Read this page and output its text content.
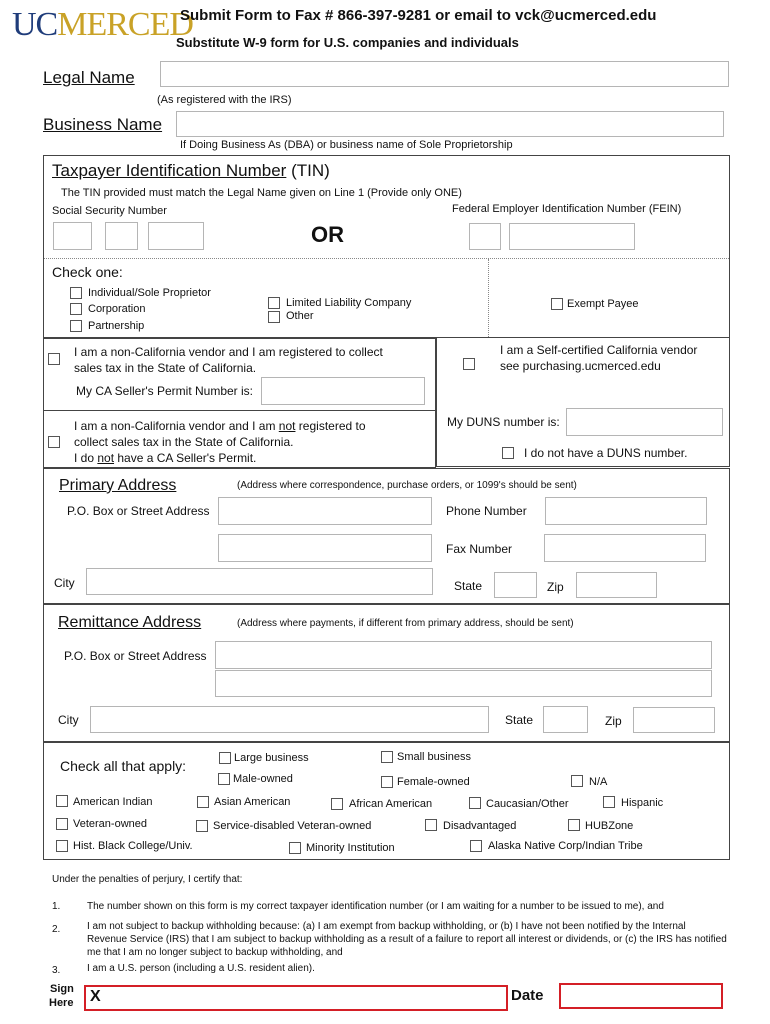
UCMERCED
Submit Form to Fax # 866-397-9281 or email to vck@ucmerced.edu
Substitute W-9 form for U.S. companies and individuals
Legal Name
(As registered with the IRS)
Business Name
If Doing Business As (DBA) or business name of Sole Proprietorship
Taxpayer Identification Number (TIN)
The TIN provided must match the Legal Name given on Line 1 (Provide only ONE)
Social Security Number	Federal Employer Identification Number (FEIN)
OR
Check one:
Individual/Sole Proprietor
Corporation
Partnership
Limited Liability Company
Other
Exempt Payee
I am a non-California vendor and I am registered to collect
sales tax in the State of California.
My CA Seller's Permit Number is:
I am a Self-certified California vendor
see purchasing.ucmerced.edu
I am a non-California vendor and I am not registered to
collect sales tax in the State of California.
I do not have a CA Seller's Permit.
My DUNS number is:
I do not have a DUNS number.
Primary Address	(Address where correspondence, purchase orders, or 1099's should be sent)
P.O. Box or Street Address	Phone Number
Fax Number
City	State	Zip
Remittance Address	(Address where payments, if different from primary address, should be sent)
P.O. Box or Street Address
City	State	Zip
Check all that apply:	Large business	Small business
Male-owned	Female-owned	N/A
American Indian	Asian American	African American	Caucasian/Other	Hispanic
Veteran-owned	Service-disabled Veteran-owned	Disadvantaged	HUBZone
Hist. Black College/Univ.	Minority Institution	Alaska Native Corp/Indian Tribe
Under the penalties of perjury, I certify that:
1.	The number shown on this form is my correct taxpayer identification number (or I am waiting for a number to be issued to me), and
2.	I am not subject to backup withholding because: (a) I am exempt from backup withholding, or (b) I have not been notified by the Internal
Revenue Service (IRS) that I am subject to backup withholding as a result of a failure to report all interest or dividends, or (c) the IRS has notified
me that I am no longer subject to backup withholding, and
3.	I am a U.S. person (including a U.S. resident alien).
Sign
Here X	Date
